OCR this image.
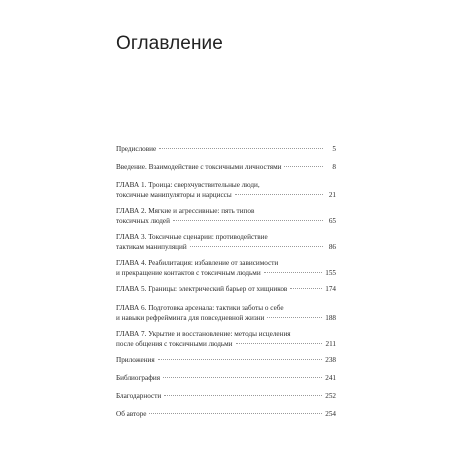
Оглавление
Предисловие	5
Введение. Взаимодействие с токсичными личностями	8
ГЛАВА 1. Троица: сверхчувствительные люди,
токсичные манипуляторы и нарциссы	21
ГЛАВА 2. Мягкие и агрессивные: пять типов
токсичных людей	65
ГЛАВА 3. Токсичные сценарии: противодействие
тактикам манипуляций	86
ГЛАВА 4. Реабилитация: избавление от зависимости
и прекращение контактов с токсичным людьми	155
ГЛАВА 5. Границы: электрический барьер от хищников	174
ГЛАВА 6. Подготовка арсенала: тактики заботы о себе
и навыки рефрейминга для повседневной жизни	188
ГЛАВА 7. Укрытие и восстановление: методы исцеления
после общения с токсичными людьми	211
Приложения	238
Библиография	241
Благодарности	252
Об авторе	254
